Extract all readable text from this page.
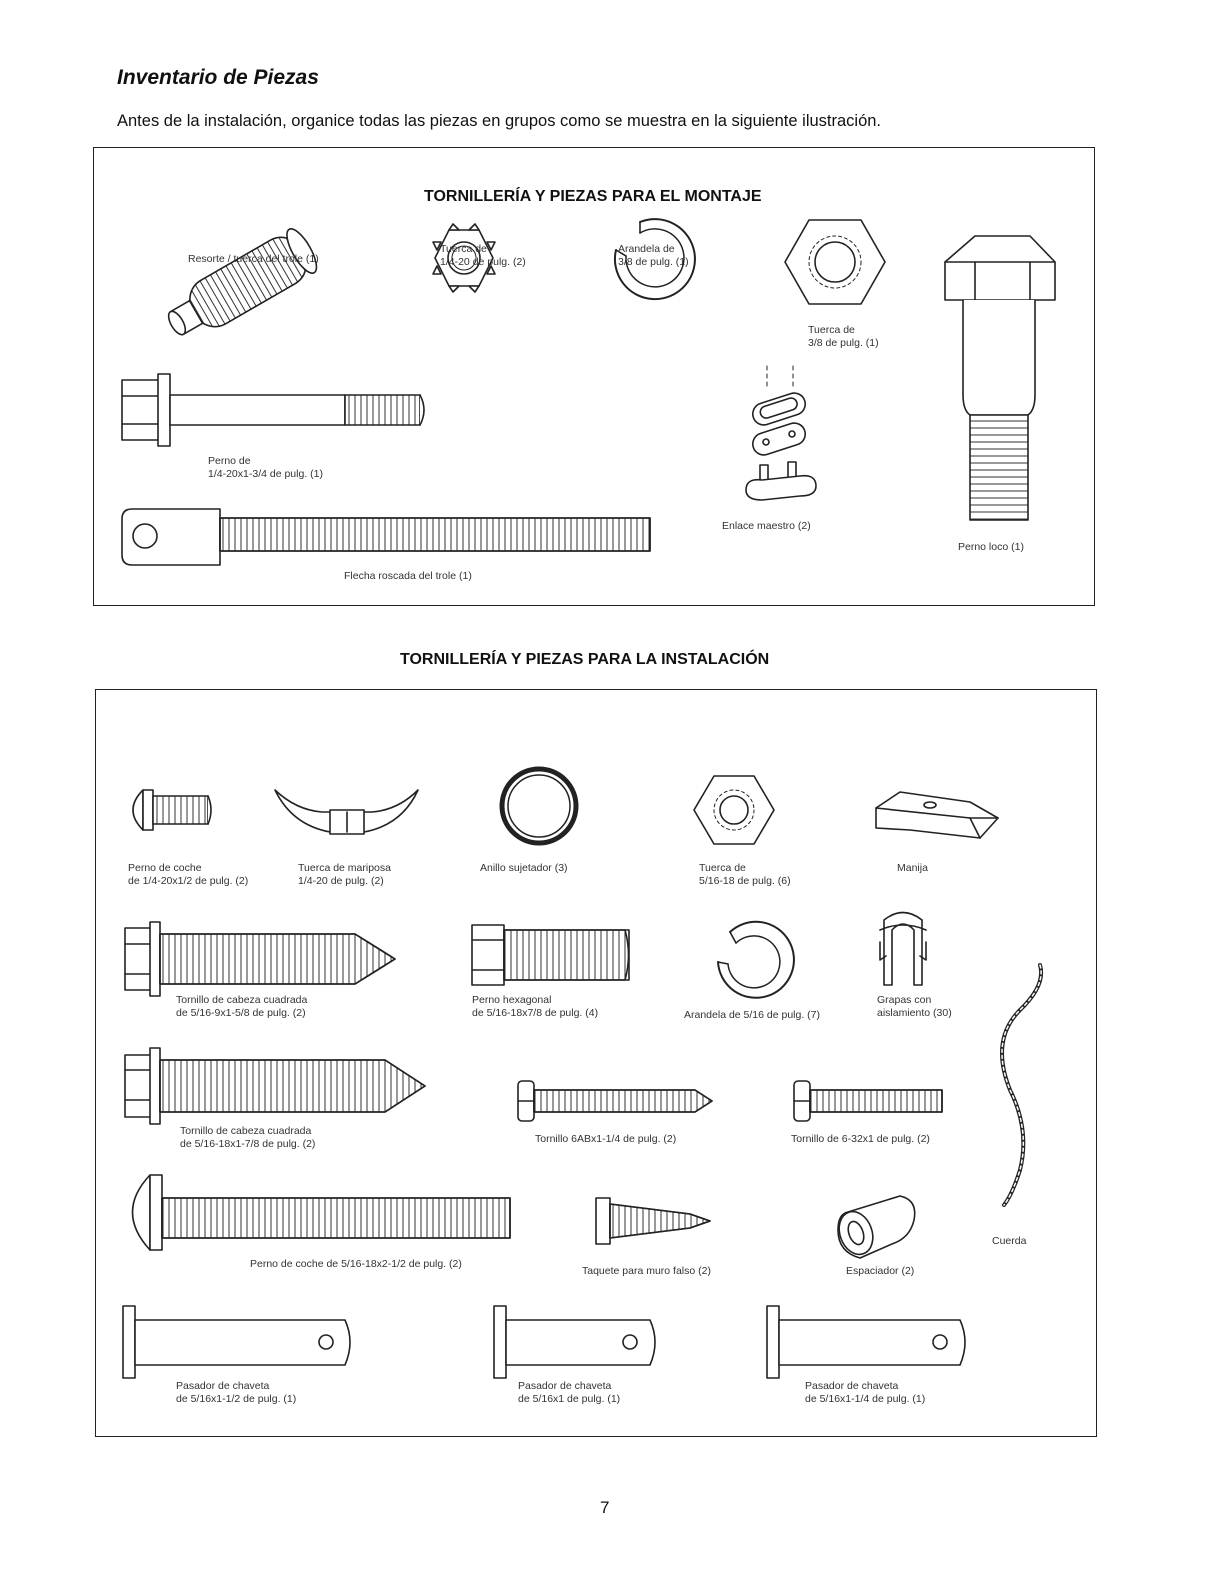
Inventario de Piezas

Antes de la instalación, organice todas las piezas en grupos como se muestra en la siguiente ilustración.

TORNILLERÍA Y PIEZAS PARA EL MONTAJE
TORNILLERÍA Y PIEZAS PARA LA INSTALACIÓN
Resorte / tuerca del trole (1)
Tuerca de
1/4-20 de pulg. (2)
Arandela de
3/8 de pulg. (1)
Tuerca de
3/8 de pulg. (1)
Perno de
1/4-20x1-3/4 de pulg. (1)
Enlace maestro (2)
Perno loco (1)
Flecha roscada del trole (1)
Perno de coche
de 1/4-20x1/2 de pulg. (2)
Tuerca de mariposa
1/4-20 de pulg. (2)
Anillo sujetador (3)	Tuerca de
5/16-18 de pulg. (6)
Manija
Tornillo de cabeza cuadrada
de 5/16-9x1-5/8 de pulg. (2)
Perno hexagonal
de 5/16-18x7/8 de pulg. (4)	Arandela de 5/16 de pulg. (7)
Grapas con
aislamiento (30)
Tornillo de cabeza cuadrada
de 5/16-18x1-7/8 de pulg. (2)	Tornillo 6ABx1-1/4 de pulg. (2)	Tornillo de 6-32x1 de pulg. (2)
Perno de coche de 5/16-18x2-1/2 de pulg. (2)
Taquete para muro falso (2)	Espaciador (2)
Cuerda
Pasador de chaveta
de 5/16x1-1/2 de pulg. (1)
Pasador de chaveta
de 5/16x1 de pulg. (1)
Pasador de chaveta
de 5/16x1-1/4 de pulg. (1)
7
